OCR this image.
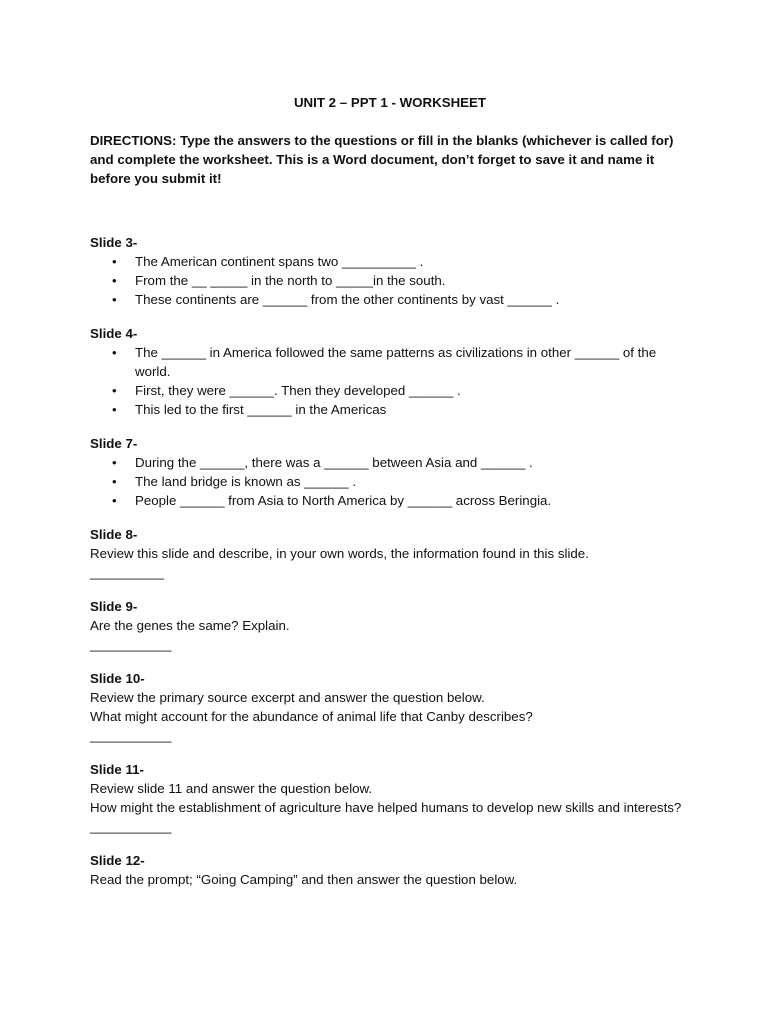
UNIT 2 – PPT 1 - WORKSHEET

DIRECTIONS: Type the answers to the questions or fill in the blanks (whichever is called for) and complete the worksheet. This is a Word document, don’t forget to save it and name it before you submit it!

Slide 3-

• The American continent spans two __________ .
• From the __ _____ in the north to _____in the south.
• These continents are ______ from the other continents by vast ______ .

Slide 4-

• The ______ in America followed the same patterns as civilizations in other ______ of the world.
• First, they were ______. Then they developed ______ .
• This led to the first ______ in the Americas

Slide 7-

• During the ______, there was a ______ between Asia and ______ .
• The land bridge is known as ______ .
• People ______ from Asia to North America by ______ across Beringia.

Slide 8-

Review this slide and describe, in your own words, the information found in this slide.

__________

Slide 9-

Are the genes the same? Explain.

___________

Slide 10-

Review the primary source excerpt and answer the question below.

What might account for the abundance of animal life that Canby describes?

___________

Slide 11-

Review slide 11 and answer the question below.

How might the establishment of agriculture have helped humans to develop new skills and interests?

___________

Slide 12-

Read the prompt; “Going Camping” and then answer the question below.
